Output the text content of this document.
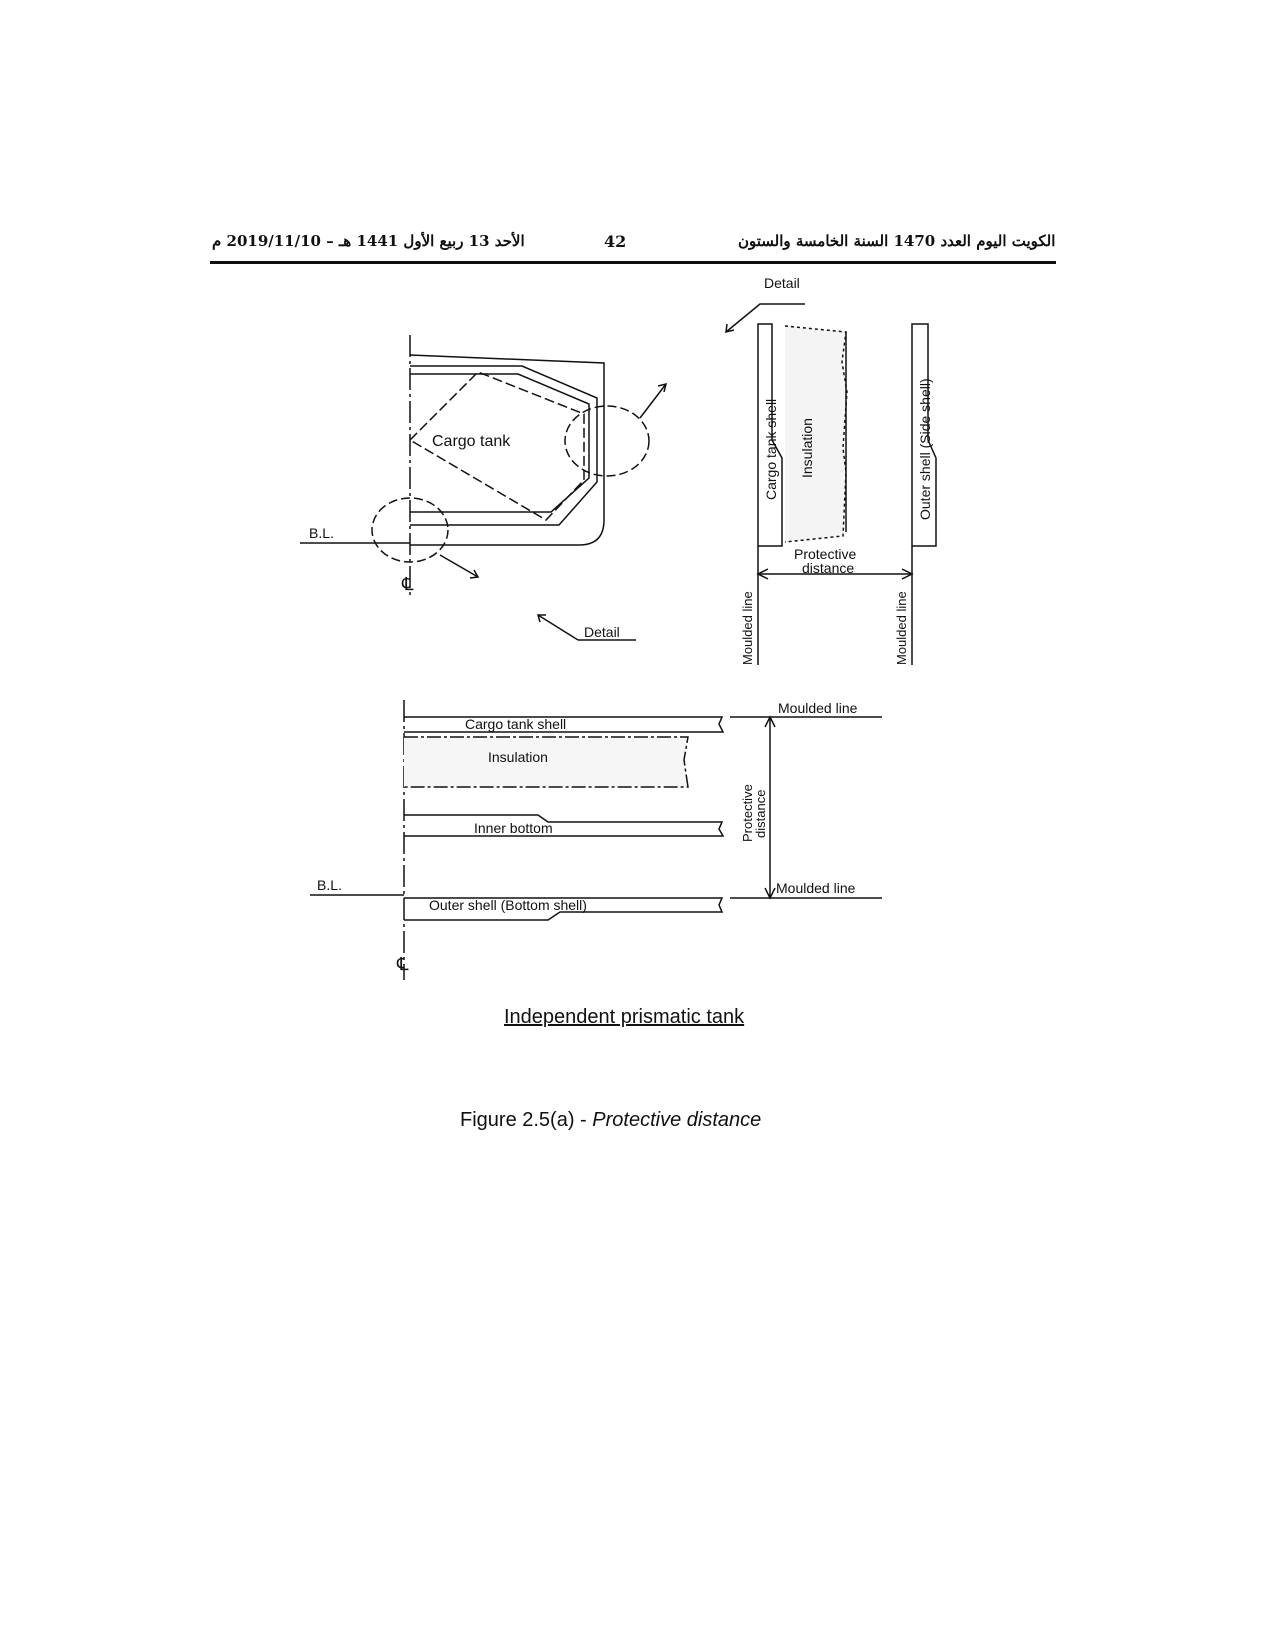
الكويت اليوم العدد 1470 السنة الخامسة والستون
42
الأحد 13 ربيع الأول 1441 هـ – 2019/11/10 م
Cargo tank
B.L.
℄
Detail
Detail
Cargo tank shell Insulation	Outer shell (Side shell)
Protective
distance
Moulded line	Moulded line
Cargo tank shell
Insulation
Inner bottom
Outer shell (Bottom shell)
B.L.
℄
Moulded line
Moulded line
Protective
distance
Independent prismatic tank
Figure 2.5(a) - Protective distance
